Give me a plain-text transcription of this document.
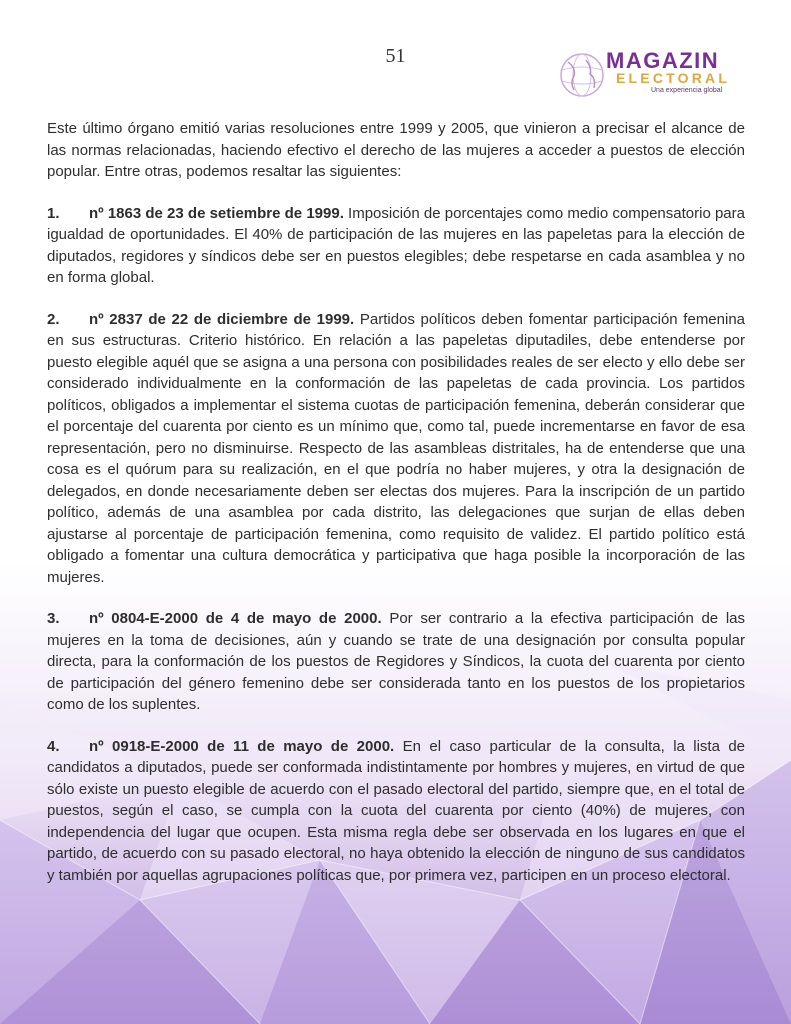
51	MAGAZIN
ELECTORAL
Una experiencia global

Este último órgano emitió varias resoluciones entre 1999 y 2005, que vinieron a precisar el alcance de las normas relacionadas, haciendo efectivo el derecho de las mujeres a acceder a puestos de elección popular. Entre otras, podemos resaltar las siguientes:

1. nº 1863 de 23 de setiembre de 1999. Imposición de porcentajes como medio compensatorio para igualdad de oportunidades. El 40% de participación de las mujeres en las papeletas para la elección de diputados, regidores y síndicos debe ser en puestos elegibles; debe respetarse en cada asamblea y no en forma global.

2. nº 2837 de 22 de diciembre de 1999. Partidos políticos deben fomentar participación femenina en sus estructuras. Criterio histórico. En relación a las papeletas diputadiles, debe entenderse por puesto elegible aquél que se asigna a una persona con posibilidades reales de ser electo y ello debe ser considerado individualmente en la conformación de las papeletas de cada provincia. Los partidos políticos, obligados a implementar el sistema cuotas de participación femenina, deberán considerar que el porcentaje del cuarenta por ciento es un mínimo que, como tal, puede incrementarse en favor de esa representación, pero no disminuirse. Respecto de las asambleas distritales, ha de entenderse que una cosa es el quórum para su realización, en el que podría no haber mujeres, y otra la designación de delegados, en donde necesariamente deben ser electas dos mujeres. Para la inscripción de un partido político, además de una asamblea por cada distrito, las delegaciones que surjan de ellas deben ajustarse al porcentaje de participación femenina, como requisito de validez. El partido político está obligado a fomentar una cultura democrática y participativa que haga posible la incorporación de las mujeres.

3. nº 0804-E-2000 de 4 de mayo de 2000. Por ser contrario a la efectiva participación de las mujeres en la toma de decisiones, aún y cuando se trate de una designación por consulta popular directa, para la conformación de los puestos de Regidores y Síndicos, la cuota del cuarenta por ciento de participación del género femenino debe ser considerada tanto en los puestos de los propietarios como de los suplentes.

4. nº 0918-E-2000 de 11 de mayo de 2000. En el caso particular de la consulta, la lista de candidatos a diputados, puede ser conformada indistintamente por hombres y mujeres, en virtud de que sólo existe un puesto elegible de acuerdo con el pasado electoral del partido, siempre que, en el total de puestos, según el caso, se cumpla con la cuota del cuarenta por ciento (40%) de mujeres, con independencia del lugar que ocupen. Esta misma regla debe ser observada en los lugares en que el partido, de acuerdo con su pasado electoral, no haya obtenido la elección de ninguno de sus candidatos y también por aquellas agrupaciones políticas que, por primera vez, participen en un proceso electoral.
